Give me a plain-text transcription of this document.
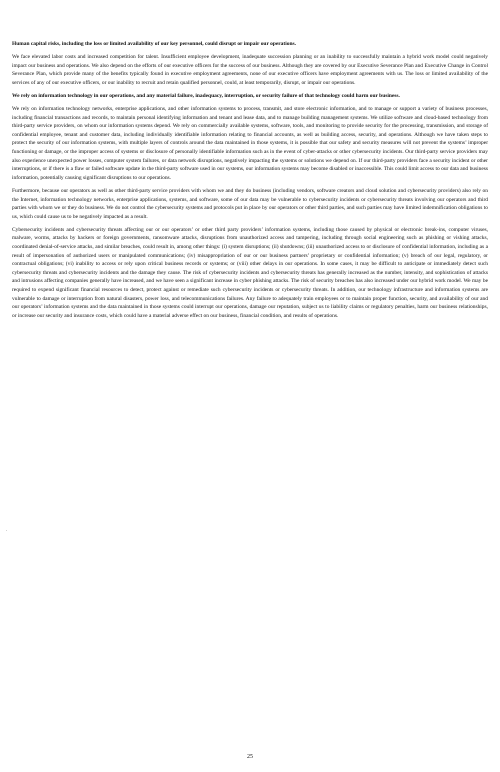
Human capital risks, including the loss or limited availability of our key personnel, could disrupt or impair our operations.

We face elevated labor costs and increased competition for talent. Insufficient employee development, inadequate succession planning or an inability to successfully maintain a hybrid work model could negatively impact our business and operations. We also depend on the efforts of our executive officers for the success of our business. Although they are covered by our Executive Severance Plan and Executive Change in Control Severance Plan, which provide many of the benefits typically found in executive employment agreements, none of our executive officers have employment agreements with us. The loss or limited availability of the services of any of our executive officers, or our inability to recruit and retain qualified personnel, could, at least temporarily, disrupt, or impair our operations.

We rely on information technology in our operations, and any material failure, inadequacy, interruption, or security failure of that technology could harm our business.

We rely on information technology networks, enterprise applications, and other information systems to process, transmit, and store electronic information, and to manage or support a variety of business processes, including financial transactions and records, to maintain personal identifying information and tenant and lease data, and to manage building management systems. We utilize software and cloud-based technology from third-party service providers, on whom our information systems depend. We rely on commercially available systems, software, tools, and monitoring to provide security for the processing, transmission, and storage of confidential employee, tenant and customer data, including individually identifiable information relating to financial accounts, as well as building access, security, and operations. Although we have taken steps to protect the security of our information systems, with multiple layers of controls around the data maintained in those systems, it is possible that our safety and security measures will not prevent the systems’ improper functioning or damage, or the improper access of systems or disclosure of personally identifiable information such as in the event of cyber-attacks or other cybersecurity incidents. Our third-party service providers may also experience unexpected power losses, computer system failures, or data network disruptions, negatively impacting the systems or solutions we depend on. If our third-party providers face a security incident or other interruptions, or if there is a flaw or failed software update in the third-party software used in our systems, our information systems may become disabled or inaccessible. This could limit access to our data and business information, potentially causing significant disruptions to our operations.

Furthermore, because our operators as well as other third-party service providers with whom we and they do business (including vendors, software creators and cloud solution and cybersecurity providers) also rely on the Internet, information technology networks, enterprise applications, systems, and software, some of our data may be vulnerable to cybersecurity incidents or cybersecurity threats involving our operators and third parties with whom we or they do business. We do not control the cybersecurity systems and protocols put in place by our operators or other third parties, and such parties may have limited indemnification obligations to us, which could cause us to be negatively impacted as a result.

Cybersecurity incidents and cybersecurity threats affecting our or our operators’ or other third party providers’ information systems, including those caused by physical or electronic break-ins, computer viruses, malware, worms, attacks by hackers or foreign governments, ransomware attacks, disruptions from unauthorized access and tampering, including through social engineering such as phishing or vishing attacks, coordinated denial-of-service attacks, and similar breaches, could result in, among other things: (i) system disruptions; (ii) shutdowns; (iii) unauthorized access to or disclosure of confidential information, including as a result of impersonation of authorized users or manipulated communications; (iv) misappropriation of our or our business partners’ proprietary or confidential information; (v) breach of our legal, regulatory, or contractual obligations; (vi) inability to access or rely upon critical business records or systems; or (viii) other delays in our operations. In some cases, it may be difficult to anticipate or immediately detect such cybersecurity threats and cybersecurity incidents and the damage they cause. The risk of cybersecurity incidents and cybersecurity threats has generally increased as the number, intensity, and sophistication of attacks and intrusions affecting companies generally have increased, and we have seen a significant increase in cyber phishing attacks. The risk of security breaches has also increased under our hybrid work model. We may be required to expend significant financial resources to detect, protect against or remediate such cybersecurity incidents or cybersecurity threats. In addition, our technology infrastructure and information systems are vulnerable to damage or interruption from natural disasters, power loss, and telecommunications failures. Any failure to adequately train employees or to maintain proper function, security, and availability of our and our operators’ information systems and the data maintained in those systems could interrupt our operations, damage our reputation, subject us to liability claims or regulatory penalties, harm our business relationships, or increase our security and insurance costs, which could have a material adverse effect on our business, financial condition, and results of operations.

.
25
